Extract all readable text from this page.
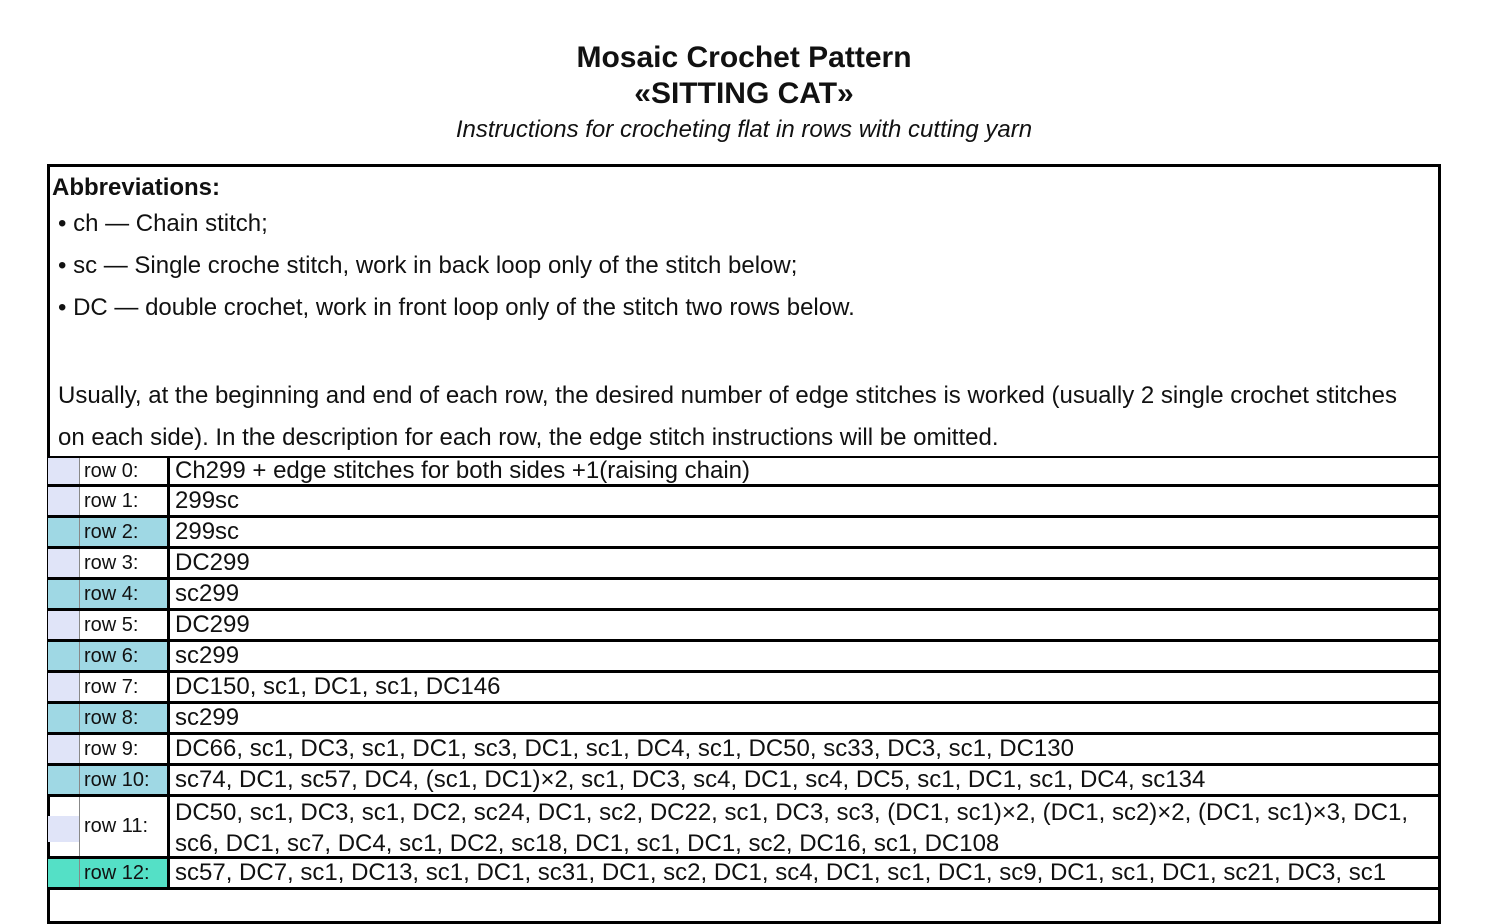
Mosaic Crochet Pattern
«SITTING CAT»
Instructions for crocheting flat in rows with cutting yarn
Abbreviations:
• ch — Chain stitch;
• sc — Single croche stitch, work in back loop only of the stitch below;
• DC — double crochet, work in front loop only of the stitch two rows below.
Usually, at the beginning and end of each row, the desired number of edge stitches is worked (usually 2 single crochet stitches on each side). In the description for each row, the edge stitch instructions will be omitted.
row 0:	Ch299 + edge stitches for both sides +1(raising chain)
row 1:	299sc
row 2:	299sc
row 3:	DC299
row 4:	sc299
row 5:	DC299
row 6:	sc299
row 7:	DC150, sc1, DC1, sc1, DC146
row 8:	sc299
row 9:	DC66, sc1, DC3, sc1, DC1, sc3, DC1, sc1, DC4, sc1, DC50, sc33, DC3, sc1, DC130
row 10:	sc74, DC1, sc57, DC4, (sc1, DC1)×2, sc1, DC3, sc4, DC1, sc4, DC5, sc1, DC1, sc1, DC4, sc134
row 11:	DC50, sc1, DC3, sc1, DC2, sc24, DC1, sc2, DC22, sc1, DC3, sc3, (DC1, sc1)×2, (DC1, sc2)×2, (DC1, sc1)×3, DC1, sc6, DC1, sc7, DC4, sc1, DC2, sc18, DC1, sc1, DC1, sc2, DC16, sc1, DC108
row 12:	sc57, DC7, sc1, DC13, sc1, DC1, sc31, DC1, sc2, DC1, sc4, DC1, sc1, DC1, sc9, DC1, sc1, DC1, sc21, DC3, sc1
